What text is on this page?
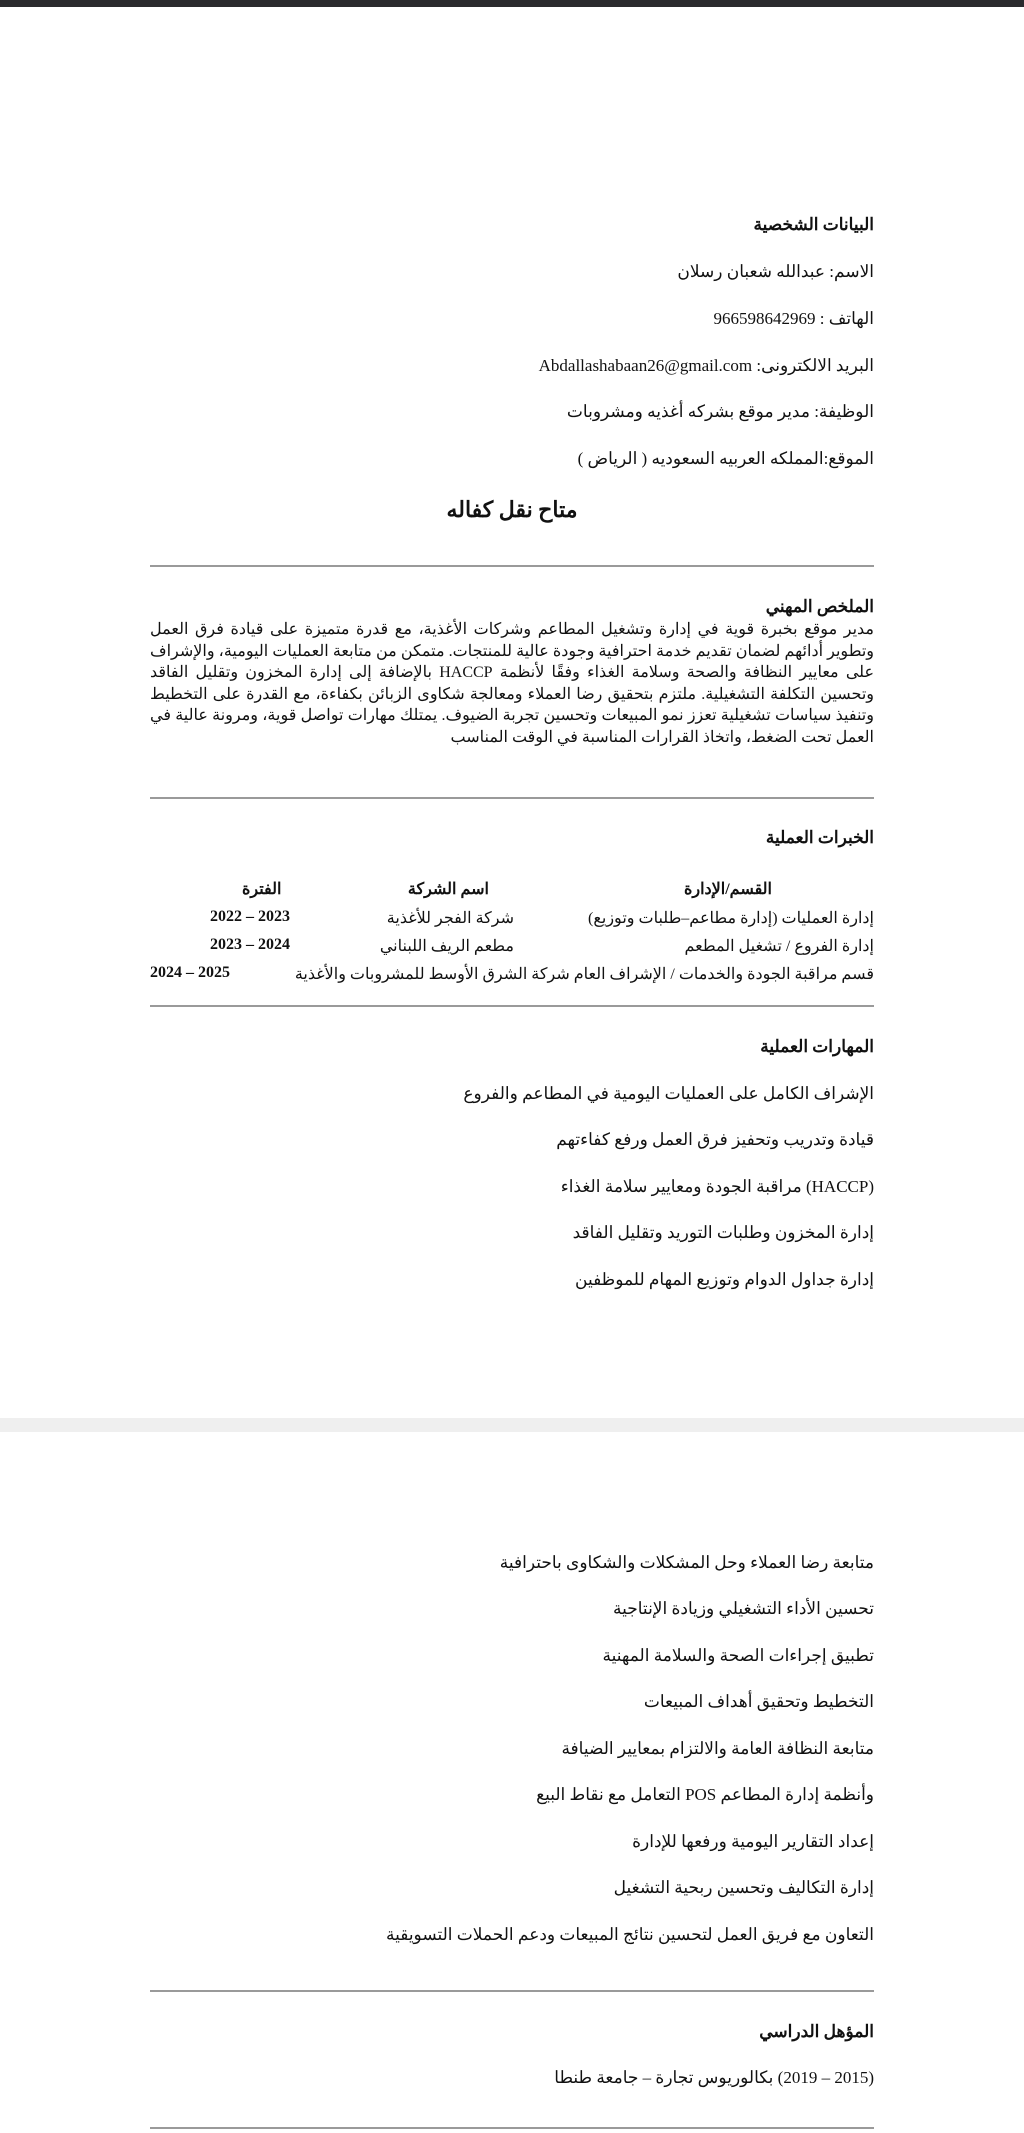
البيانات الشخصية
الاسم: عبدالله شعبان رسلان
الهاتف : 966598642969
البريد الالكترونى: Abdallashabaan26@gmail.com
الوظيفة: مدير موقع بشركه أغذيه ومشروبات
الموقع:المملكه العربيه السعوديه ( الرياض )
متاح نقل كفاله
الملخص المهني
مدير موقع بخبرة قوية في إدارة وتشغيل المطاعم وشركات الأغذية، مع قدرة متميزة على قيادة فرق العمل وتطوير أدائهم لضمان تقديم خدمة احترافية وجودة عالية للمنتجات. متمكن من متابعة العمليات اليومية، والإشراف على معايير النظافة والصحة وسلامة الغذاء وفقًا لأنظمة HACCP بالإضافة إلى إدارة المخزون وتقليل الفاقد وتحسين التكلفة التشغيلية. ملتزم بتحقيق رضا العملاء ومعالجة شكاوى الزبائن بكفاءة، مع القدرة على التخطيط وتنفيذ سياسات تشغيلية تعزز نمو المبيعات وتحسين تجربة الضيوف. يمتلك مهارات تواصل قوية، ومرونة عالية في العمل تحت الضغط، واتخاذ القرارات المناسبة في الوقت المناسب
الخبرات العملية
القسم/الإدارة
اسم الشركة
الفترة
إدارة العمليات (إدارة مطاعم–طلبات وتوزيع)
شركة الفجر للأغذية
2022 – 2023
إدارة الفروع / تشغيل المطعم
مطعم الريف اللبناني
2023 – 2024
قسم مراقبة الجودة والخدمات / الإشراف العام شركة الشرق الأوسط للمشروبات والأغذية
2024 – 2025
المهارات العملية
الإشراف الكامل على العمليات اليومية في المطاعم والفروع
قيادة وتدريب وتحفيز فرق العمل ورفع كفاءتهم
(HACCP) مراقبة الجودة ومعايير سلامة الغذاء
إدارة المخزون وطلبات التوريد وتقليل الفاقد
إدارة جداول الدوام وتوزيع المهام للموظفين
متابعة رضا العملاء وحل المشكلات والشكاوى باحترافية
تحسين الأداء التشغيلي وزيادة الإنتاجية
تطبيق إجراءات الصحة والسلامة المهنية
التخطيط وتحقيق أهداف المبيعات
متابعة النظافة العامة والالتزام بمعايير الضيافة
وأنظمة إدارة المطاعم POS التعامل مع نقاط البيع
إعداد التقارير اليومية ورفعها للإدارة
إدارة التكاليف وتحسين ربحية التشغيل
التعاون مع فريق العمل لتحسين نتائج المبيعات ودعم الحملات التسويقية
المؤهل الدراسي
(2015 – 2019) بكالوريوس تجارة – جامعة طنطا
